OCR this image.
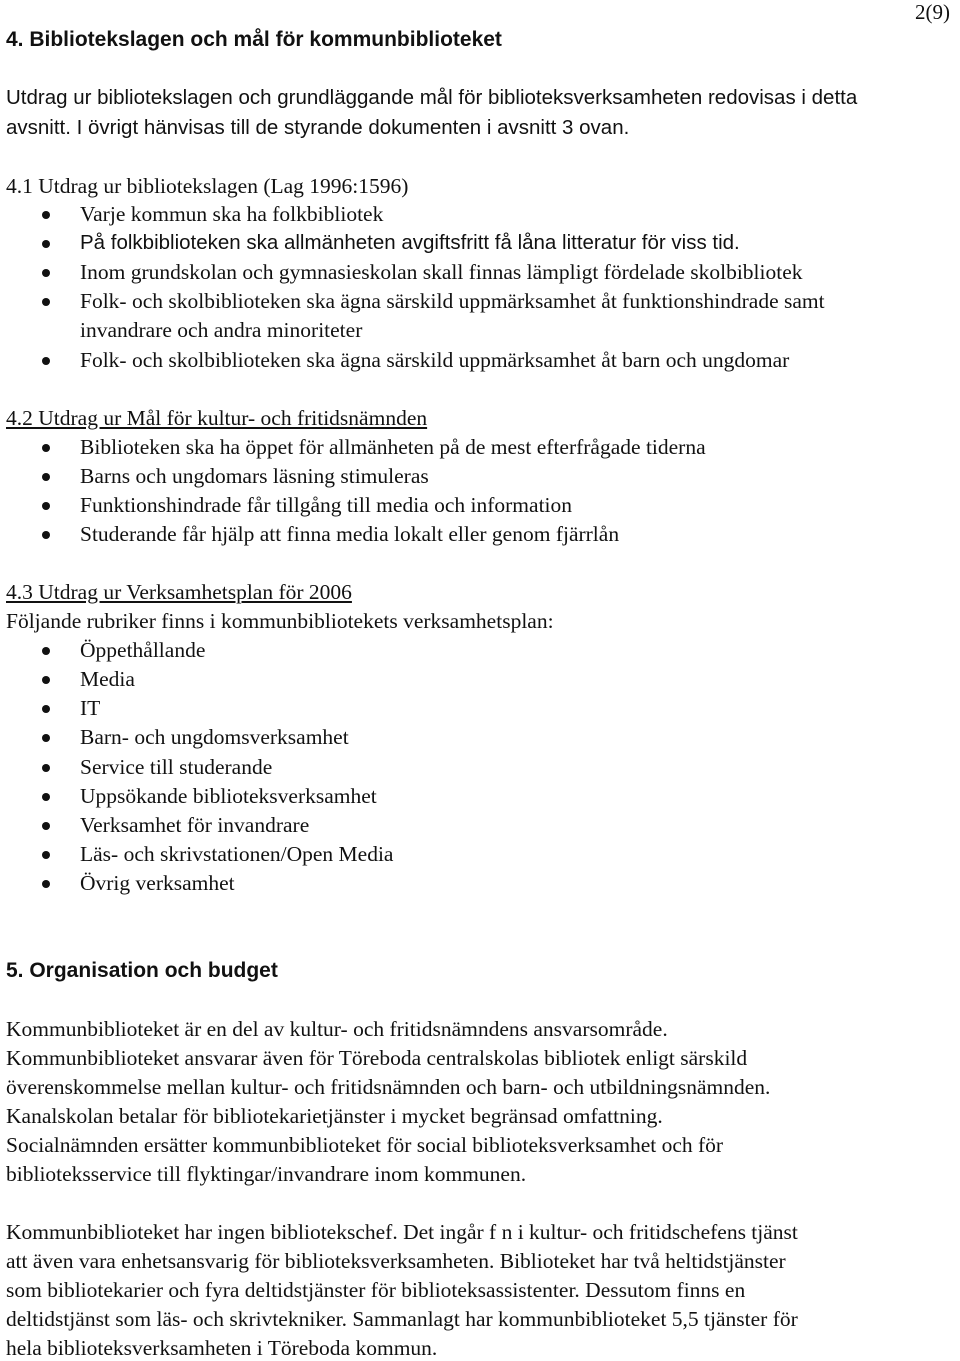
2(9)
4. Bibliotekslagen och mål för kommunbiblioteket
Utdrag ur bibliotekslagen och grundläggande mål för biblioteksverksamheten redovisas i detta
avsnitt. I övrigt hänvisas till de styrande dokumenten i avsnitt 3 ovan.
4.1 Utdrag ur bibliotekslagen (Lag 1996:1596)
Varje kommun ska ha folkbibliotek
På folkbiblioteken ska allmänheten avgiftsfritt få låna litteratur för viss tid.
Inom grundskolan och gymnasieskolan skall finnas lämpligt fördelade skolbibliotek
Folk- och skolbiblioteken ska ägna särskild uppmärksamhet åt funktionshindrade samt
invandrare och andra minoriteter
Folk- och skolbiblioteken ska ägna särskild uppmärksamhet åt barn och ungdomar
4.2 Utdrag ur Mål för kultur- och fritidsnämnden
Biblioteken ska ha öppet för allmänheten på de mest efterfrågade tiderna
Barns och ungdomars läsning stimuleras
Funktionshindrade får tillgång till media och information
Studerande får hjälp att finna media lokalt eller genom fjärrlån
4.3 Utdrag ur Verksamhetsplan för 2006
Följande rubriker finns i kommunbibliotekets verksamhetsplan:
Öppethållande
Media
IT
Barn- och ungdomsverksamhet
Service till studerande
Uppsökande biblioteksverksamhet
Verksamhet för invandrare
Läs- och skrivstationen/Open Media
Övrig verksamhet
5. Organisation och budget
Kommunbiblioteket är en del av kultur- och fritidsnämndens ansvarsområde.
Kommunbiblioteket ansvarar även för Töreboda centralskolas bibliotek enligt särskild
överenskommelse mellan kultur- och fritidsnämnden och barn- och utbildningsnämnden.
Kanalskolan betalar för bibliotekarietjänster i mycket begränsad omfattning.
Socialnämnden ersätter kommunbiblioteket för social biblioteksverksamhet och för
biblioteksservice till flyktingar/invandrare inom kommunen.
Kommunbiblioteket har ingen bibliotekschef. Det ingår f n i kultur- och fritidschefens tjänst
att även vara enhetsansvarig för biblioteksverksamheten. Biblioteket har två heltidstjänster
som bibliotekarier och fyra deltidstjänster för biblioteksassistenter. Dessutom finns en
deltidstjänst som läs- och skrivtekniker. Sammanlagt har kommunbiblioteket 5,5 tjänster för
hela biblioteksverksamheten i Töreboda kommun.
